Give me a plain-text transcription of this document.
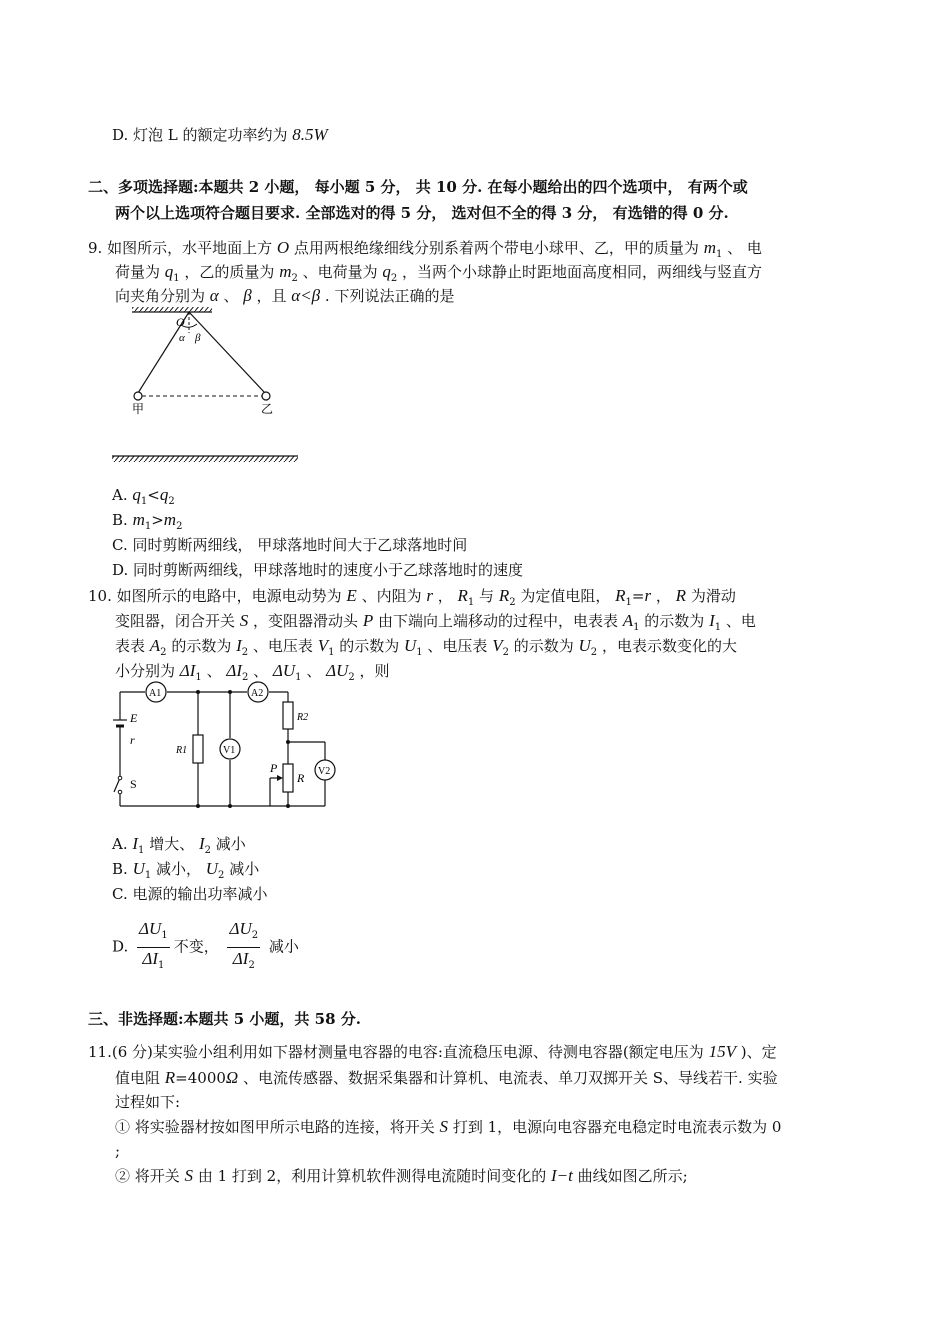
D. 灯泡 L 的额定功率约为 8.5W
二、多项选择题:本题共 2 小题， 每小题 5 分， 共 10 分. 在每小题给出的四个选项中， 有两个或
两个以上选项符合题目要求. 全部选对的得 5 分， 选对但不全的得 3 分， 有选错的得 0 分.
9. 如图所示，水平地面上方 O 点用两根绝缘细线分别系着两个带电小球甲、乙，甲的质量为 $m_1$ 、 电
荷量为 $q_1$ ，乙的质量为 $m_2$ 、电荷量为 $q_2$ ，当两个小球静止时距地面高度相同，两细线与竖直方
向夹角分别为 α 、 β ，且 α<β . 下列说法正确的是
O
α β
甲	乙
A. $q_1<q_2$
B. $m_1>m_2$
C. 同时剪断两细线， 甲球落地时间大于乙球落地时间
D. 同时剪断两细线，甲球落地时的速度小于乙球落地时的速度
10. 如图所示的电路中，电源电动势为 E 、内阻为 r ， $R_1$ 与 $R_2$ 为定值电阻， $R_1=r$ ， R 为滑动
变阻器，闭合开关 S ，变阻器滑动头 P 由下端向上端移动的过程中，电表表 $A_1$ 的示数为 $I_1$ 、电
表表 $A_2$ 的示数为 $I_2$ 、电压表 $V_1$ 的示数为 $U_1$ 、电压表 $V_2$ 的示数为 $U_2$ ，电表示数变化的大
小分别为 $\Delta I_1$ 、 $\Delta I_2$ 、 $\Delta U_1$ 、 $\Delta U_2$ ，则
A1	A2
V1
V2
E
r
P
R
R1
R2
S
A. $I_1$ 增大、 $I_2$ 减小
B. $U_1$ 减小， $U_2$ 减小
C. 电源的输出功率减小
D. $\frac{\Delta U_1}{\Delta I_1}$ 不变， $\frac{\Delta U_2}{\Delta I_2}$ 减小
三、非选择题:本题共 5 小题，共 58 分.
11.(6 分)某实验小组利用如下器材测量电容器的电容:直流稳压电源、待测电容器(额定电压为 15V )、定
值电阻 R=4000Ω 、电流传感器、数据采集器和计算机、电流表、单刀双掷开关 S、导线若干. 实验
过程如下:
① 将实验器材按如图甲所示电路的连接，将开关 S 打到 1，电源向电容器充电稳定时电流表示数为 0
;
② 将开关 S 由 1 打到 2，利用计算机软件测得电流随时间变化的 I−t 曲线如图乙所示;
